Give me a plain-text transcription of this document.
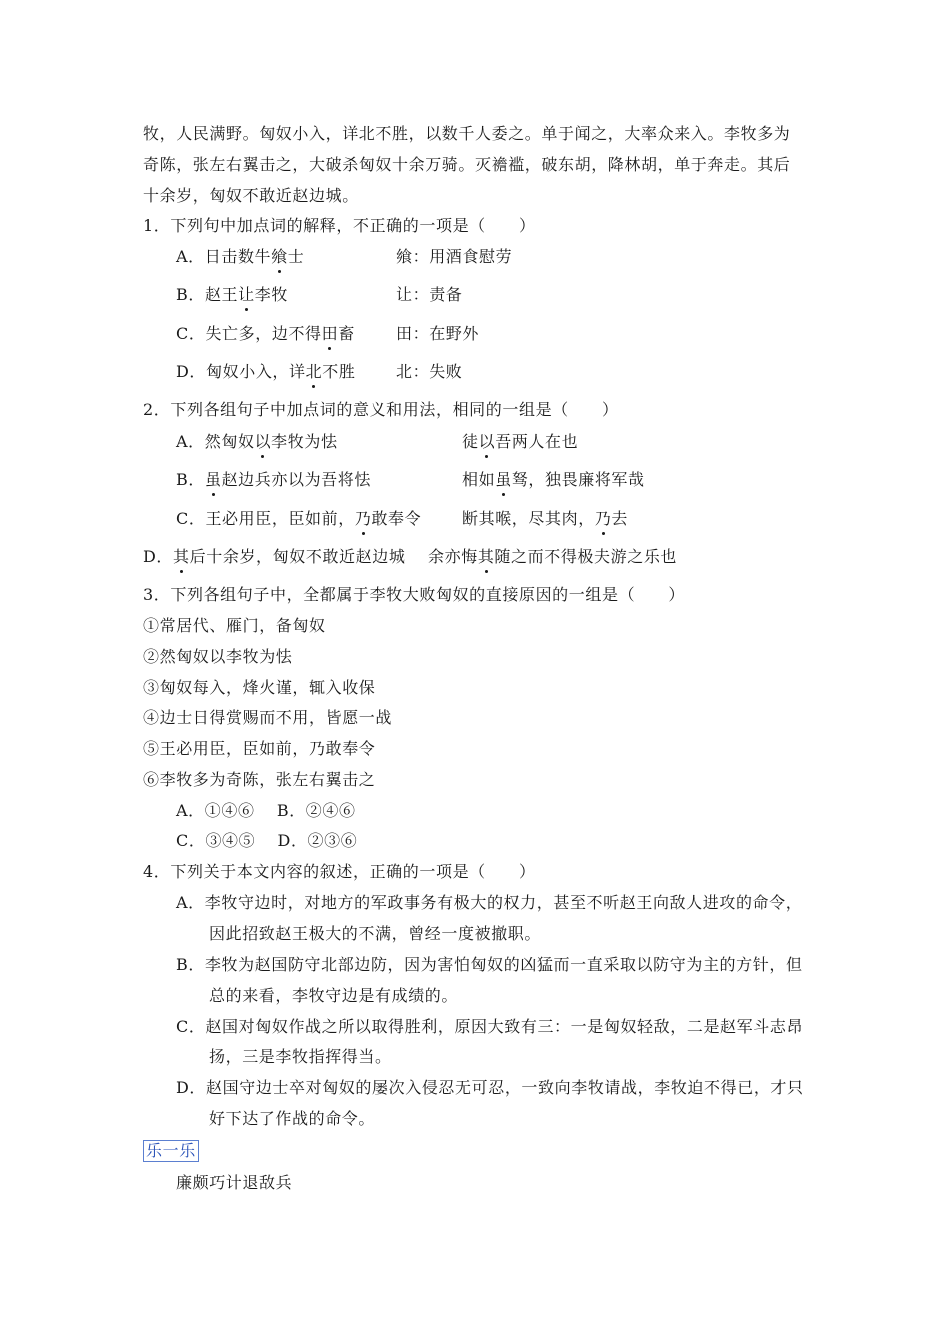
牧，人民满野。匈奴小入，详北不胜，以数千人委之。单于闻之，大率众来入。李牧多为
奇陈，张左右翼击之，大破杀匈奴十余万骑。灭襜褴，破东胡，降林胡，单于奔走。其后
十余岁，匈奴不敢近赵边城。
1．下列句中加点词的解释，不正确的一项是（　　）
A．日击数牛飨士	飨：用酒食慰劳
B．赵王让李牧	让：责备
C．失亡多，边不得田畜	田：在野外
D．匈奴小入，详北不胜	北：失败
2．下列各组句子中加点词的意义和用法，相同的一组是（　　）
A．然匈奴以李牧为怯	徒以吾两人在也
B．虽赵边兵亦以为吾将怯	相如虽驽，独畏廉将军哉
C．王必用臣，臣如前，乃敢奉令	断其喉，尽其肉，乃去
D．其后十余岁，匈奴不敢近赵边城 余亦悔其随之而不得极夫游之乐也
3．下列各组句子中，全都属于李牧大败匈奴的直接原因的一组是（　　）
①常居代、雁门，备匈奴
②然匈奴以李牧为怯
③匈奴每入，烽火谨，辄入收保
④边士日得赏赐而不用，皆愿一战
⑤王必用臣，臣如前，乃敢奉令
⑥李牧多为奇陈，张左右翼击之
A．①④⑥　 B．②④⑥
C．③④⑤　 D．②③⑥
4．下列关于本文内容的叙述，正确的一项是（　　）
A．李牧守边时，对地方的军政事务有极大的权力，甚至不听赵王向敌人进攻的命令，
因此招致赵王极大的不满，曾经一度被撤职。
B．李牧为赵国防守北部边防，因为害怕匈奴的凶猛而一直采取以防守为主的方针，但
总的来看，李牧守边是有成绩的。
C．赵国对匈奴作战之所以取得胜利，原因大致有三：一是匈奴轻敌，二是赵军斗志昂
扬，三是李牧指挥得当。
D．赵国守边士卒对匈奴的屡次入侵忍无可忍，一致向李牧请战，李牧迫不得已，才只
好下达了作战的命令。
乐一乐
廉颇巧计退敌兵
